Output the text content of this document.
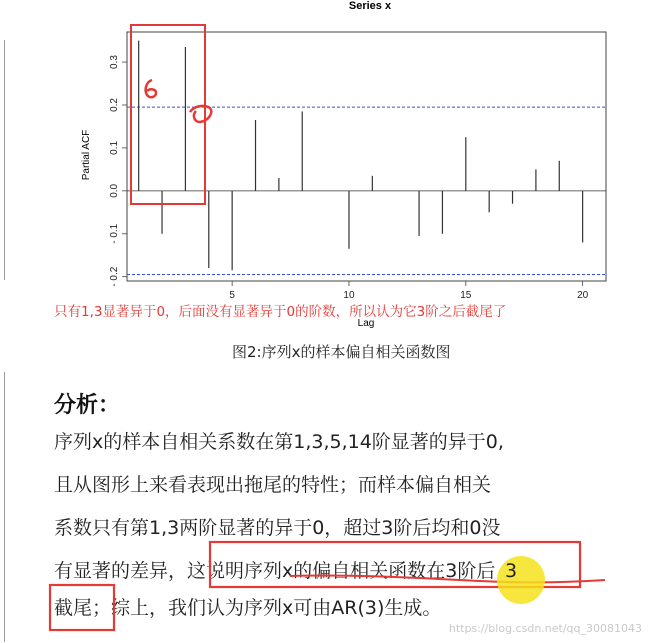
Series x
- 0.2
- 0.1
0.0
0.1
0.2
0.3
5	10	15	20
Partial ACF
Lag
只有1,3显著异于0，后面没有显著异于0的阶数，所以认为它3阶之后截尾了
图2:序列x的样本偏自相关函数图
分析：
序列x的样本自相关系数在第1,3,5,14阶显著的异于0,
且从图形上来看表现出拖尾的特性；而样本偏自相关
系数只有第1,3两阶显著的异于0，超过3阶后均和0没
有显著的差异，这说明序列x的偏自相关函数在3阶后
截尾；综上，我们认为序列x可由AR(3)生成。
3
https://blog.csdn.net/qq_30081043
